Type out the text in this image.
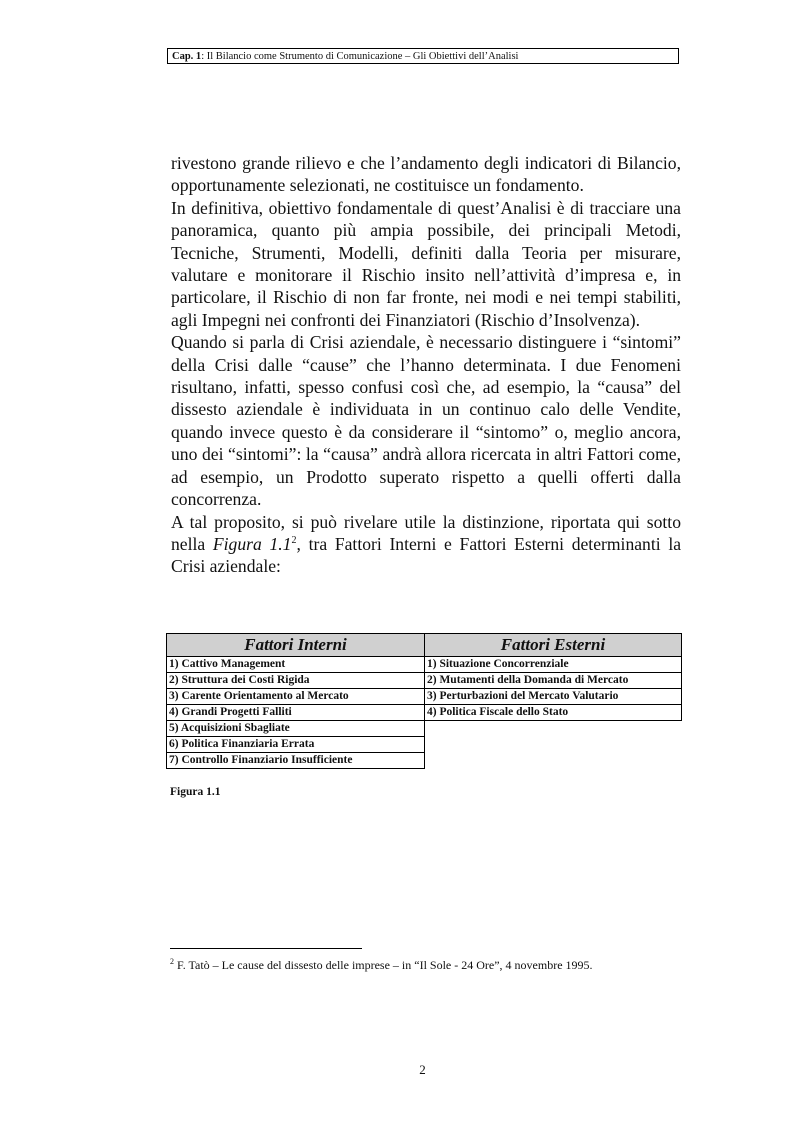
Cap. 1: Il Bilancio come Strumento di Comunicazione – Gli Obiettivi dell’Analisi

rivestono grande rilievo e che l’andamento degli indicatori di Bilancio, opportunamente selezionati, ne costituisce un fondamento.

In definitiva, obiettivo fondamentale di quest’Analisi è di tracciare una panoramica, quanto più ampia possibile, dei principali Metodi, Tecniche, Strumenti, Modelli, definiti dalla Teoria per misurare, valutare e monitorare il Rischio insito nell’attività d’impresa e, in particolare, il Rischio di non far fronte, nei modi e nei tempi stabiliti, agli Impegni nei confronti dei Finanziatori (Rischio d’Insolvenza).

Quando si parla di Crisi aziendale, è necessario distinguere i “sintomi” della Crisi dalle “cause” che l’hanno determinata. I due Fenomeni risultano, infatti, spesso confusi così che, ad esempio, la “causa” del dissesto aziendale è individuata in un continuo calo delle Vendite, quando invece questo è da considerare il “sintomo” o, meglio ancora, uno dei “sintomi”: la “causa” andrà allora ricercata in altri Fattori come, ad esempio, un Prodotto superato rispetto a quelli offerti dalla concorrenza.

A tal proposito, si può rivelare utile la distinzione, riportata qui sotto nella Figura $1.1^2$, tra Fattori Interni e Fattori Esterni determinanti la Crisi aziendale:

Fattori Interni	Fattori Esterni
1) Cattivo Management	1) Situazione Concorrenziale
2) Struttura dei Costi Rigida	2) Mutamenti della Domanda di Mercato
3) Carente Orientamento al Mercato	3) Perturbazioni del Mercato Valutario
4) Grandi Progetti Falliti	4) Politica Fiscale dello Stato
5) Acquisizioni Sbagliate	
6) Politica Finanziaria Errata	
7) Controllo Finanziario Insufficiente	
Figura 1.1
$^2$ F. Tatò – Le cause del dissesto delle imprese – in “Il Sole - 24 Ore”, 4 novembre 1995.
2
